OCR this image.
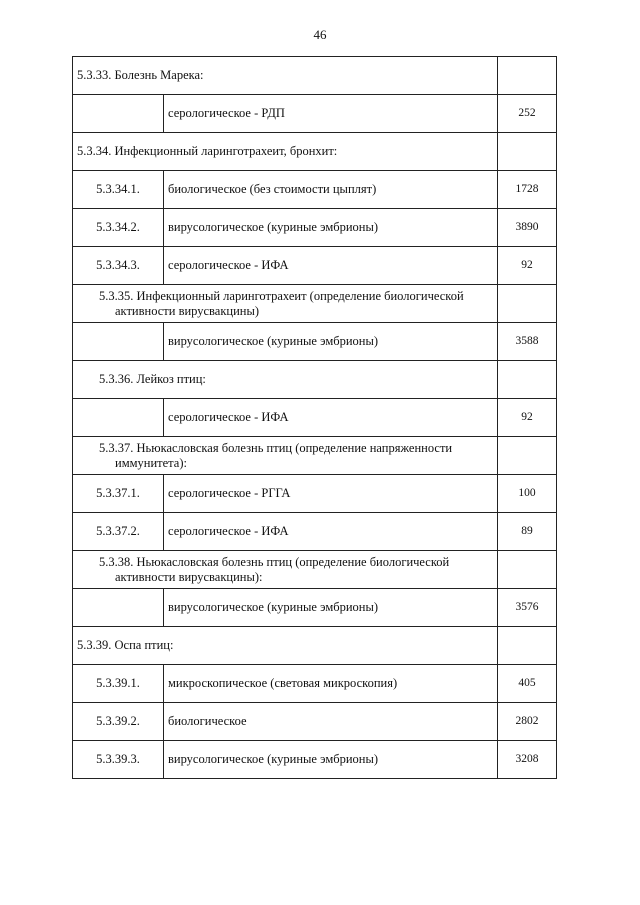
46
5.3.33. Болезнь Марека:		
	серологическое - РДП	252
5.3.34. Инфекционный ларинготрахеит, бронхит:		
5.3.34.1.	биологическое (без стоимости цыплят)	1728
5.3.34.2.	вирусологическое (куриные эмбрионы)	3890
5.3.34.3.	серологическое - ИФА	92

5.3.35. Инфекционный ларинготрахеит (определение биологической активности вирусвакцины)		

	вирусологическое (куриные эмбрионы)	3588
5.3.36. Лейкоз птиц:		
	серологическое - ИФА	92

5.3.37. Ньюкасловская болезнь птиц (определение напряженности иммунитета):		

5.3.37.1.	серологическое - РГГА	100
5.3.37.2.	серологическое - ИФА	89

5.3.38. Ньюкасловская болезнь птиц (определение биологической активности вирусвакцины):		

	вирусологическое (куриные эмбрионы)	3576
5.3.39. Оспа птиц:		
5.3.39.1.	микроскопическое (световая микроскопия)	405
5.3.39.2.	биологическое	2802
5.3.39.3.	вирусологическое (куриные эмбрионы)	3208
